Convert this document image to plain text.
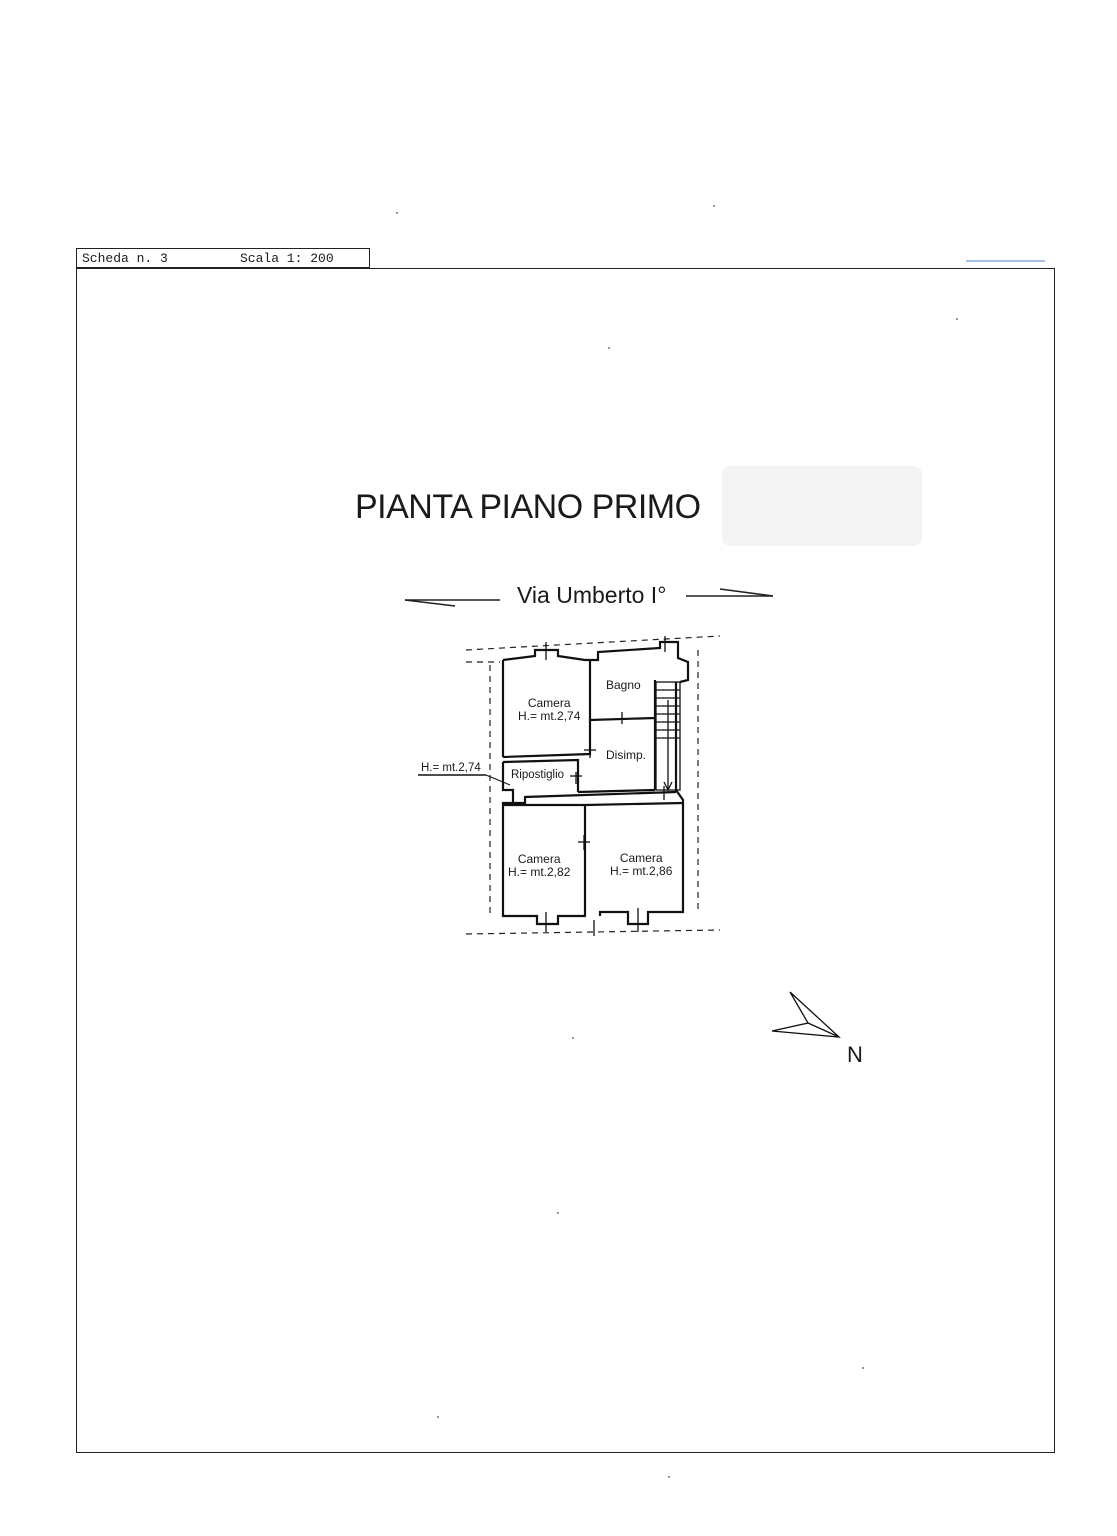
Scheda n. 3	Scala 1: 200
PIANTA PIANO PRIMO
Via Umberto I°
Camera
H.= mt.2,74
Bagno
Disimp.
Ripostiglio
H.= mt.2,74
Camera
H.= mt.2,82
Camera
H.= mt.2,86
N
